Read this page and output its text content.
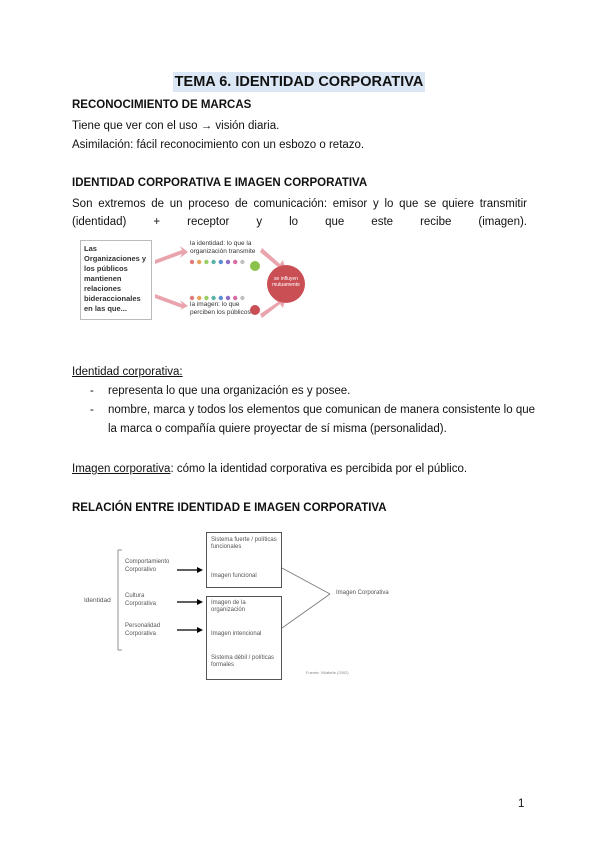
TEMA 6. IDENTIDAD CORPORATIVA
RECONOCIMIENTO DE MARCAS
Tiene que ver con el uso → visión diaria.
Asimilación: fácil reconocimiento con un esbozo o retazo.
IDENTIDAD CORPORATIVA E IMAGEN CORPORATIVA
Son extremos de un proceso de comunicación: emisor y lo que se quiere transmitir
(identidad) + receptor y lo que este recibe (imagen).
Las Organizaciones y los públicos mantienen relaciones bideraccionales en las que...
la identidad: lo que la organización transmite
la imagen: lo que perciben los públicos
se influyen mutuamente
Identidad corporativa:
- representa lo que una organización es y posee.
- nombre, marca y todos los elementos que comunican de manera consistente lo que
la marca o compañía quiere proyectar de sí misma (personalidad).
Imagen corporativa: cómo la identidad corporativa es percibida por el público.
RELACIÓN ENTRE IDENTIDAD E IMAGEN CORPORATIVA
Identidad
Comportamiento Corporativo
Cultura Corporativa
Personalidad Corporativa
Sistema fuerte / políticas funcionales
Imagen funcional
Imagen de la organización
Imagen intencional
Sistema débil / políticas formales
Imagen Corporativa
Fuente: Villafañe (2002)
1
